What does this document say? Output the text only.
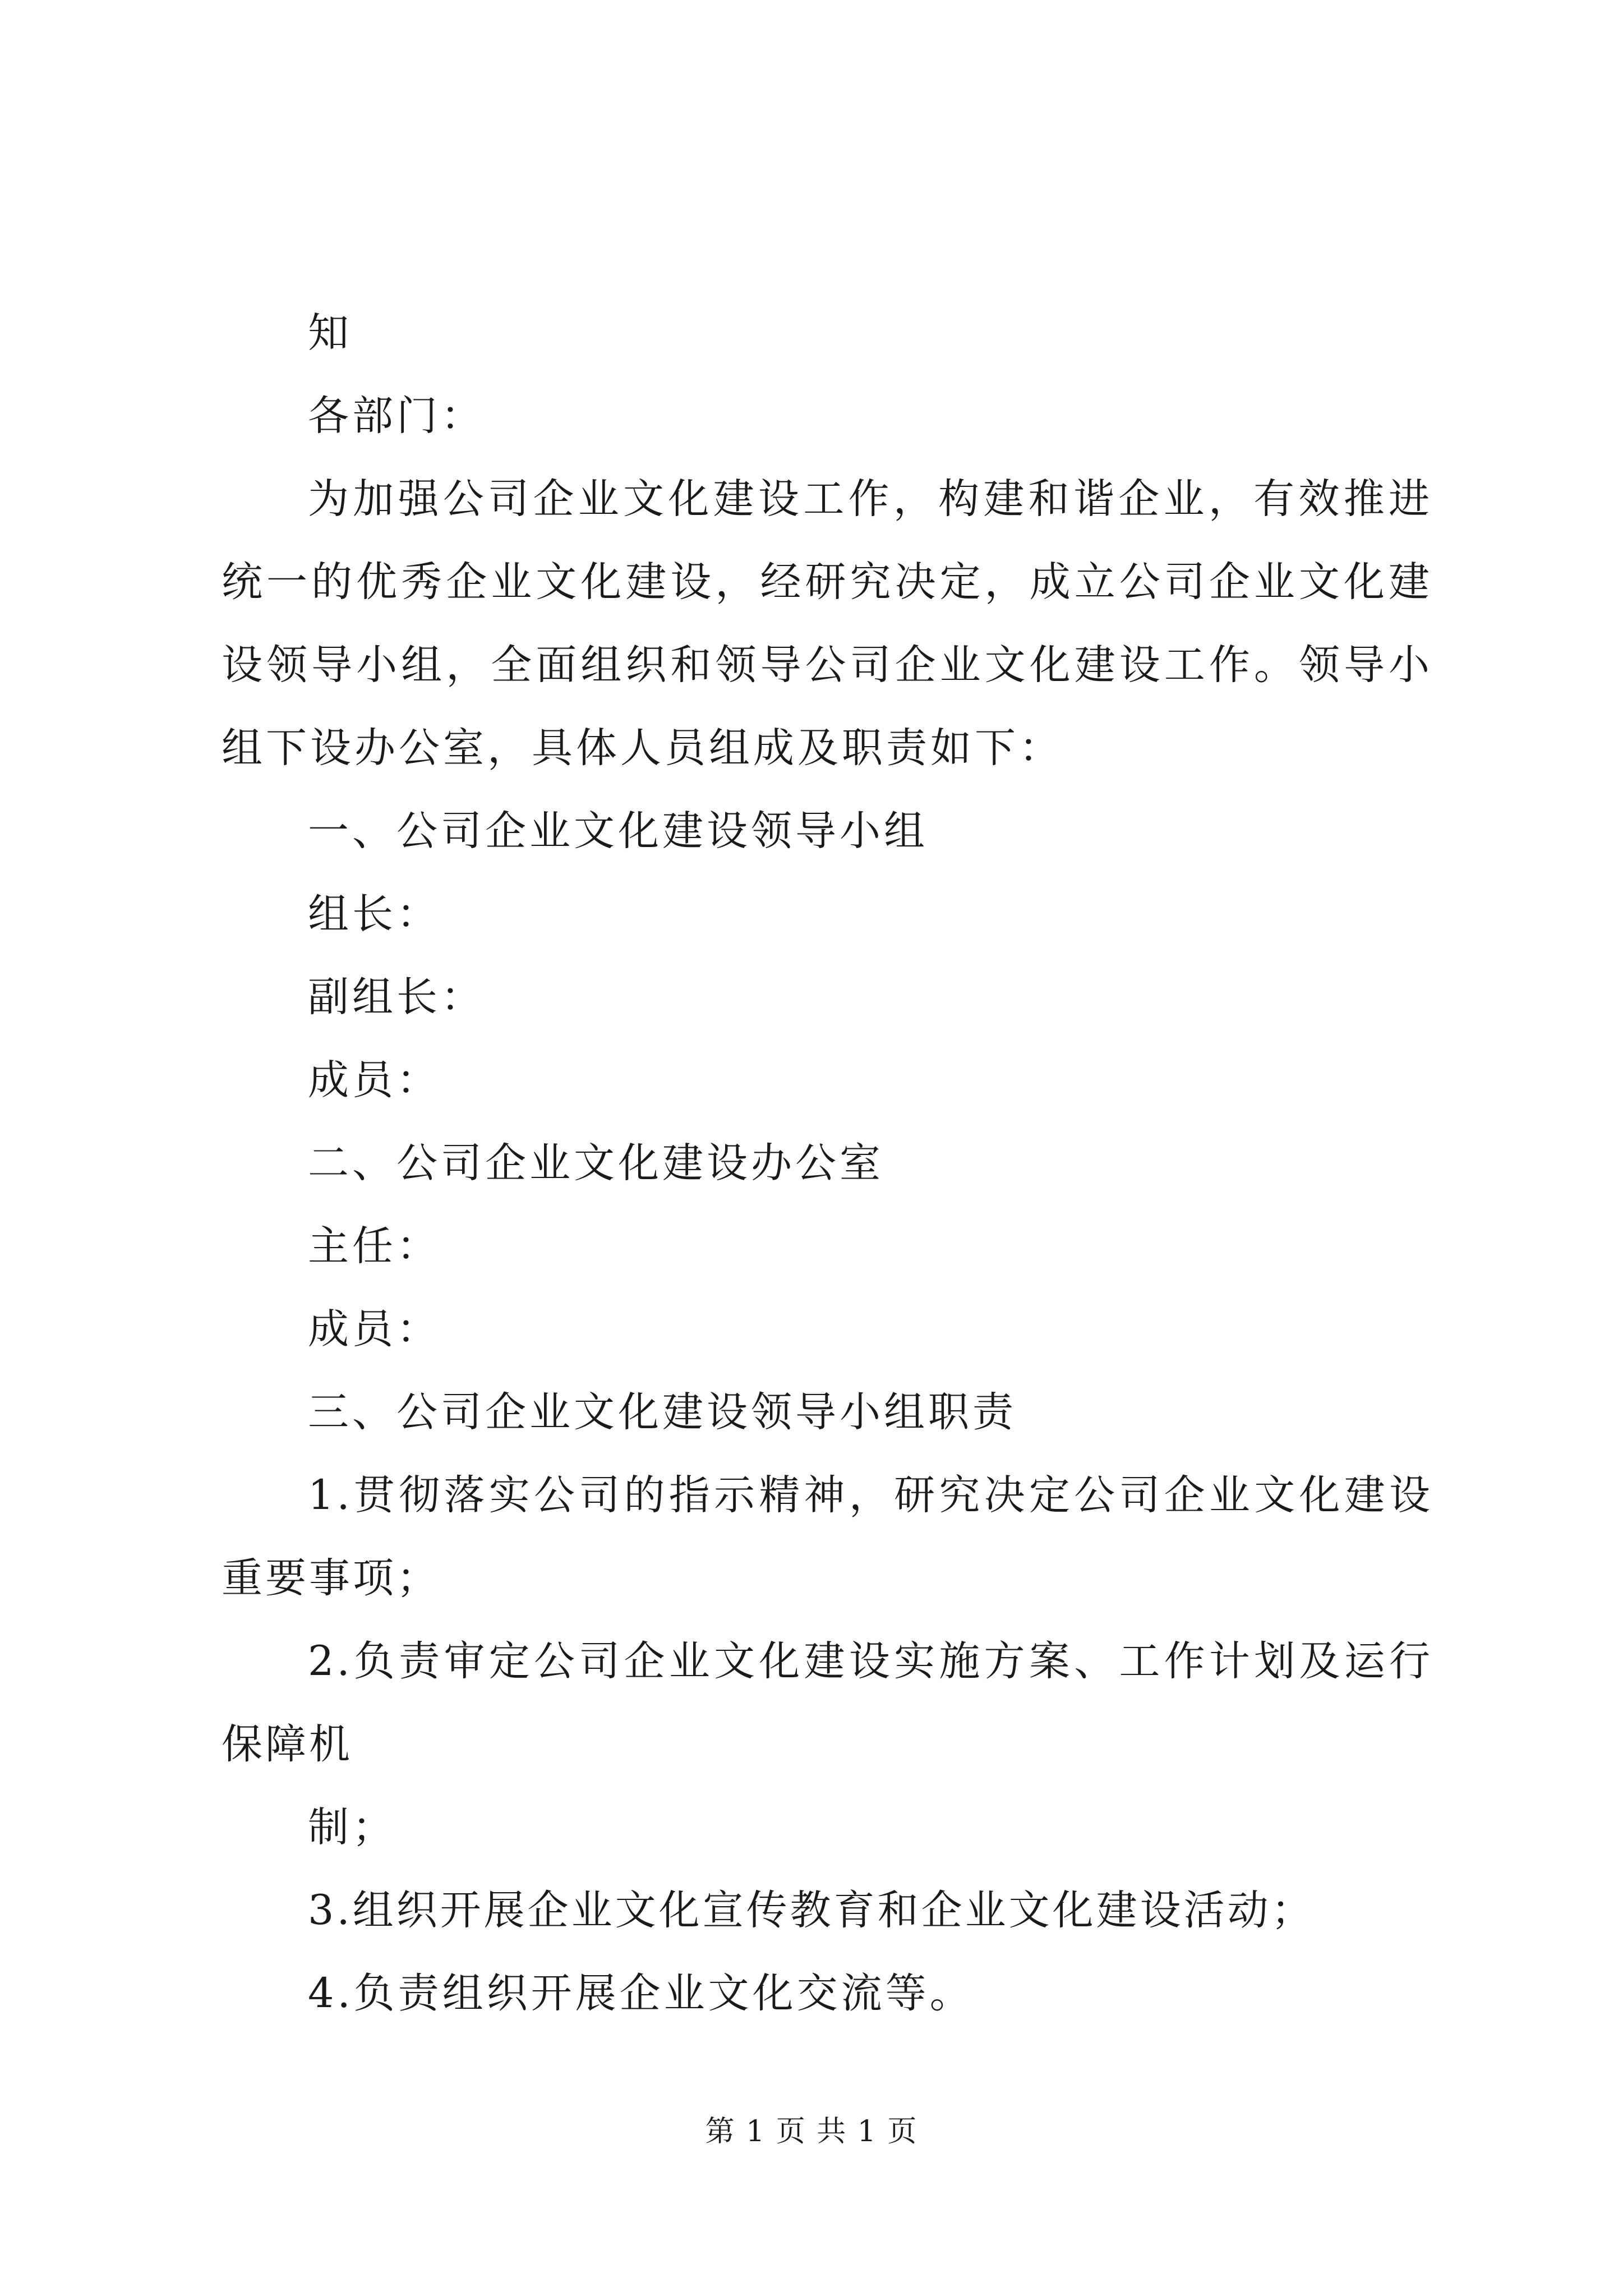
知

各部门：

为加强公司企业文化建设工作，构建和谐企业，有效推进统一的优秀企业文化建设，经研究决定，成立公司企业文化建设领导小组，全面组织和领导公司企业文化建设工作。领导小组下设办公室，具体人员组成及职责如下：

一、公司企业文化建设领导小组

组长：

副组长：

成员：

二、公司企业文化建设办公室

主任：

成员：

三、公司企业文化建设领导小组职责

1.贯彻落实公司的指示精神，研究决定公司企业文化建设重要事项；

2.负责审定公司企业文化建设实施方案、工作计划及运行保障机

制；

3.组织开展企业文化宣传教育和企业文化建设活动；

4.负责组织开展企业文化交流等。

第 1 页 共 1 页
